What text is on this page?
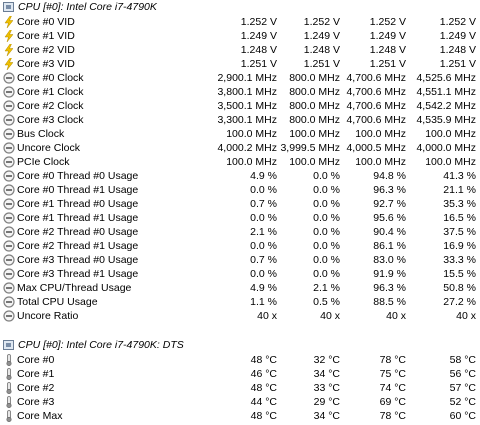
CPU [#0]: Intel Core i7-4790K
Core #0 VID	1.252 V	1.252 V	1.252 V	1.252 V
Core #1 VID	1.249 V	1.249 V	1.249 V	1.249 V
Core #2 VID	1.248 V	1.248 V	1.248 V	1.248 V
Core #3 VID	1.251 V	1.251 V	1.251 V	1.251 V
Core #0 Clock	2,900.1 MHz 800.0 MHz 4,700.6 MHz 4,525.6 MHz
Core #1 Clock	3,800.1 MHz 800.0 MHz 4,700.6 MHz 4,551.1 MHz
Core #2 Clock	3,500.1 MHz 800.0 MHz 4,700.6 MHz 4,542.2 MHz
Core #3 Clock	3,300.1 MHz 800.0 MHz 4,700.6 MHz 4,535.9 MHz
Bus Clock	100.0 MHz 100.0 MHz 100.0 MHz 100.0 MHz
Uncore Clock	4,000.2 MHz 3,999.5 MHz 4,000.5 MHz 4,000.0 MHz
PCIe Clock	100.0 MHz 100.0 MHz 100.0 MHz 100.0 MHz
Core #0 Thread #0 Usage	4.9 %	0.0 %	94.8 %	41.3 %
Core #0 Thread #1 Usage	0.0 %	0.0 %	96.3 %	21.1 %
Core #1 Thread #0 Usage	0.7 %	0.0 %	92.7 %	35.3 %
Core #1 Thread #1 Usage	0.0 %	0.0 %	95.6 %	16.5 %
Core #2 Thread #0 Usage	2.1 %	0.0 %	90.4 %	37.5 %
Core #2 Thread #1 Usage	0.0 %	0.0 %	86.1 %	16.9 %
Core #3 Thread #0 Usage	0.7 %	0.0 %	83.0 %	33.3 %
Core #3 Thread #1 Usage	0.0 %	0.0 %	91.9 %	15.5 %
Max CPU/Thread Usage	4.9 %	2.1 %	96.3 %	50.8 %
Total CPU Usage	1.1 %	0.5 %	88.5 %	27.2 %
Uncore Ratio	40 x	40 x	40 x	40 x
CPU [#0]: Intel Core i7-4790K: DTS
Core #0	48 °C	32 °C	78 °C	58 °C
Core #1	46 °C	34 °C	75 °C	56 °C
Core #2	48 °C	33 °C	74 °C	57 °C
Core #3	44 °C	29 °C	69 °C	52 °C
Core Max	48 °C	34 °C	78 °C	60 °C
